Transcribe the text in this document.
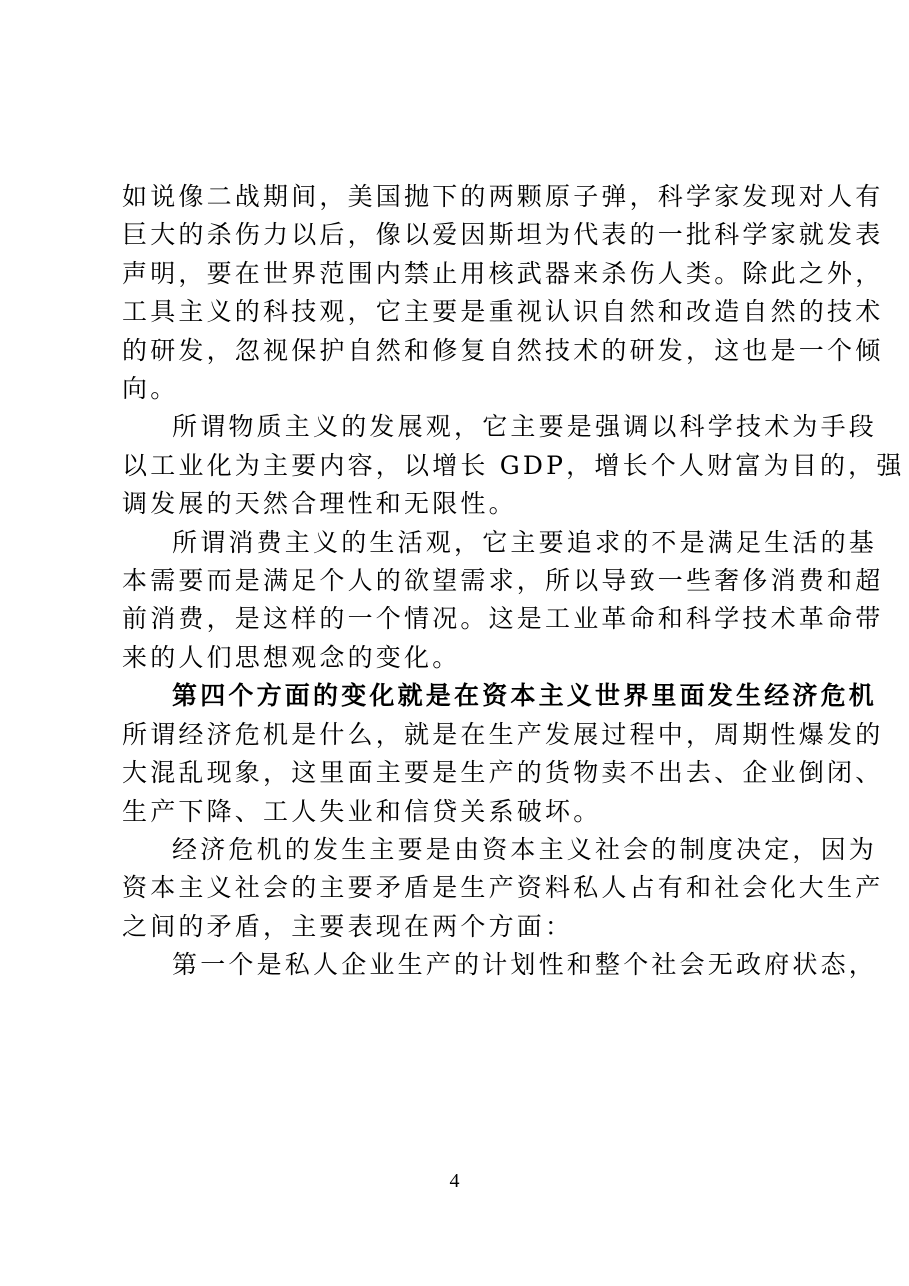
如说像二战期间，美国抛下的两颗原子弹，科学家发现对人有
巨大的杀伤力以后，像以爱因斯坦为代表的一批科学家就发表
声明，要在世界范围内禁止用核武器来杀伤人类。除此之外，
工具主义的科技观，它主要是重视认识自然和改造自然的技术
的研发，忽视保护自然和修复自然技术的研发，这也是一个倾
向。

所谓物质主义的发展观，它主要是强调以科学技术为手段
以工业化为主要内容，以增长 GDP，增长个人财富为目的，强
调发展的天然合理性和无限性。

所谓消费主义的生活观，它主要追求的不是满足生活的基
本需要而是满足个人的欲望需求，所以导致一些奢侈消费和超
前消费，是这样的一个情况。这是工业革命和科学技术革命带
来的人们思想观念的变化。

第四个方面的变化就是在资本主义世界里面发生经济危机

所谓经济危机是什么，就是在生产发展过程中，周期性爆发的
大混乱现象，这里面主要是生产的货物卖不出去、企业倒闭、
生产下降、工人失业和信贷关系破坏。

经济危机的发生主要是由资本主义社会的制度决定，因为
资本主义社会的主要矛盾是生产资料私人占有和社会化大生产
之间的矛盾，主要表现在两个方面：

第一个是私人企业生产的计划性和整个社会无政府状态，

4
